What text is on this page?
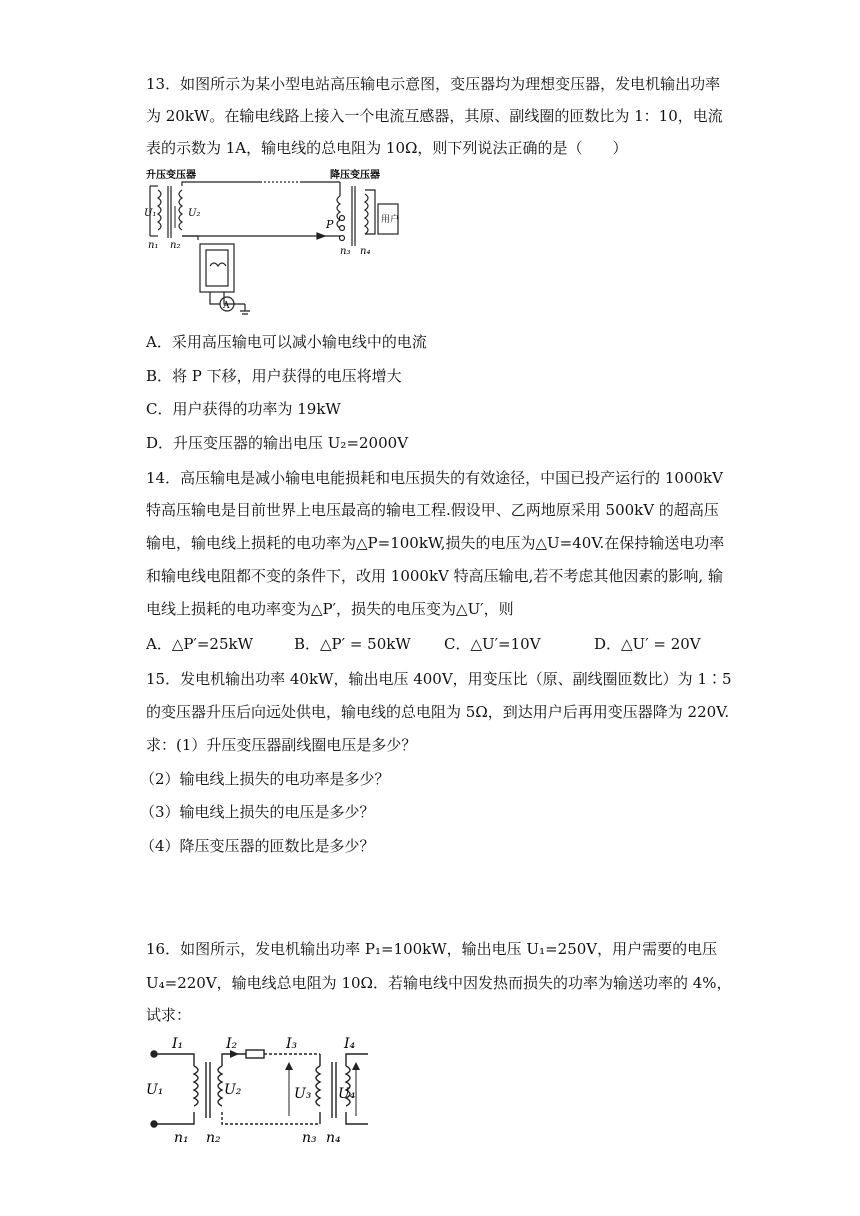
13．如图所示为某小型电站高压输电示意图，变压器均为理想变压器，发电机输出功率
为 20kW。在输电线路上接入一个电流互感器，其原、副线圈的匝数比为 1：10，电流
表的示数为 1A，输电线的总电阻为 10Ω，则下列说法正确的是（　　）
升压变压器	降压变压器
U₁	U₂
n₁ n₂
n₃ n₄
P	用户
A
A．采用高压输电可以减小输电线中的电流
B．将 P 下移，用户获得的电压将增大
C．用户获得的功率为 19kW
D．升压变压器的输出电压 U₂=2000V
14．高压输电是减小输电电能损耗和电压损失的有效途径，中国已投产运行的 1000kV
特高压输电是目前世界上电压最高的输电工程.假设甲、乙两地原采用 500kV 的超高压
输电，输电线上损耗的电功率为△P=100kW,损失的电压为△U=40V.在保持输送电功率
和输电线电阻都不变的条件下，改用 1000kV 特高压输电,若不考虑其他因素的影响, 输
电线上损耗的电功率变为△P′，损失的电压变为△U′，则
A．△P′=25kW	B．△P′ = 50kW C．△U′=10V	D．△U′ = 20V
15．发电机输出功率 40kW，输出电压 400V，用变压比（原、副线圈匝数比）为 1∶5
的变压器升压后向远处供电，输电线的总电阻为 5Ω，到达用户后再用变压器降为 220V.
求：(1）升压变压器副线圈电压是多少？
（2）输电线上损失的电功率是多少？
（3）输电线上损失的电压是多少？
（4）降压变压器的匝数比是多少？
16．如图所示，发电机输出功率 P₁=100kW，输出电压 U₁=250V，用户需要的电压
U₄=220V，输电线总电阻为 10Ω．若输电线中因发热而损失的功率为输送功率的 4%，
试求：
I₁	I₂	I₃	I₄
U₁	U₂	U₃ U₄
n₁ n₂	n₃ n₄
